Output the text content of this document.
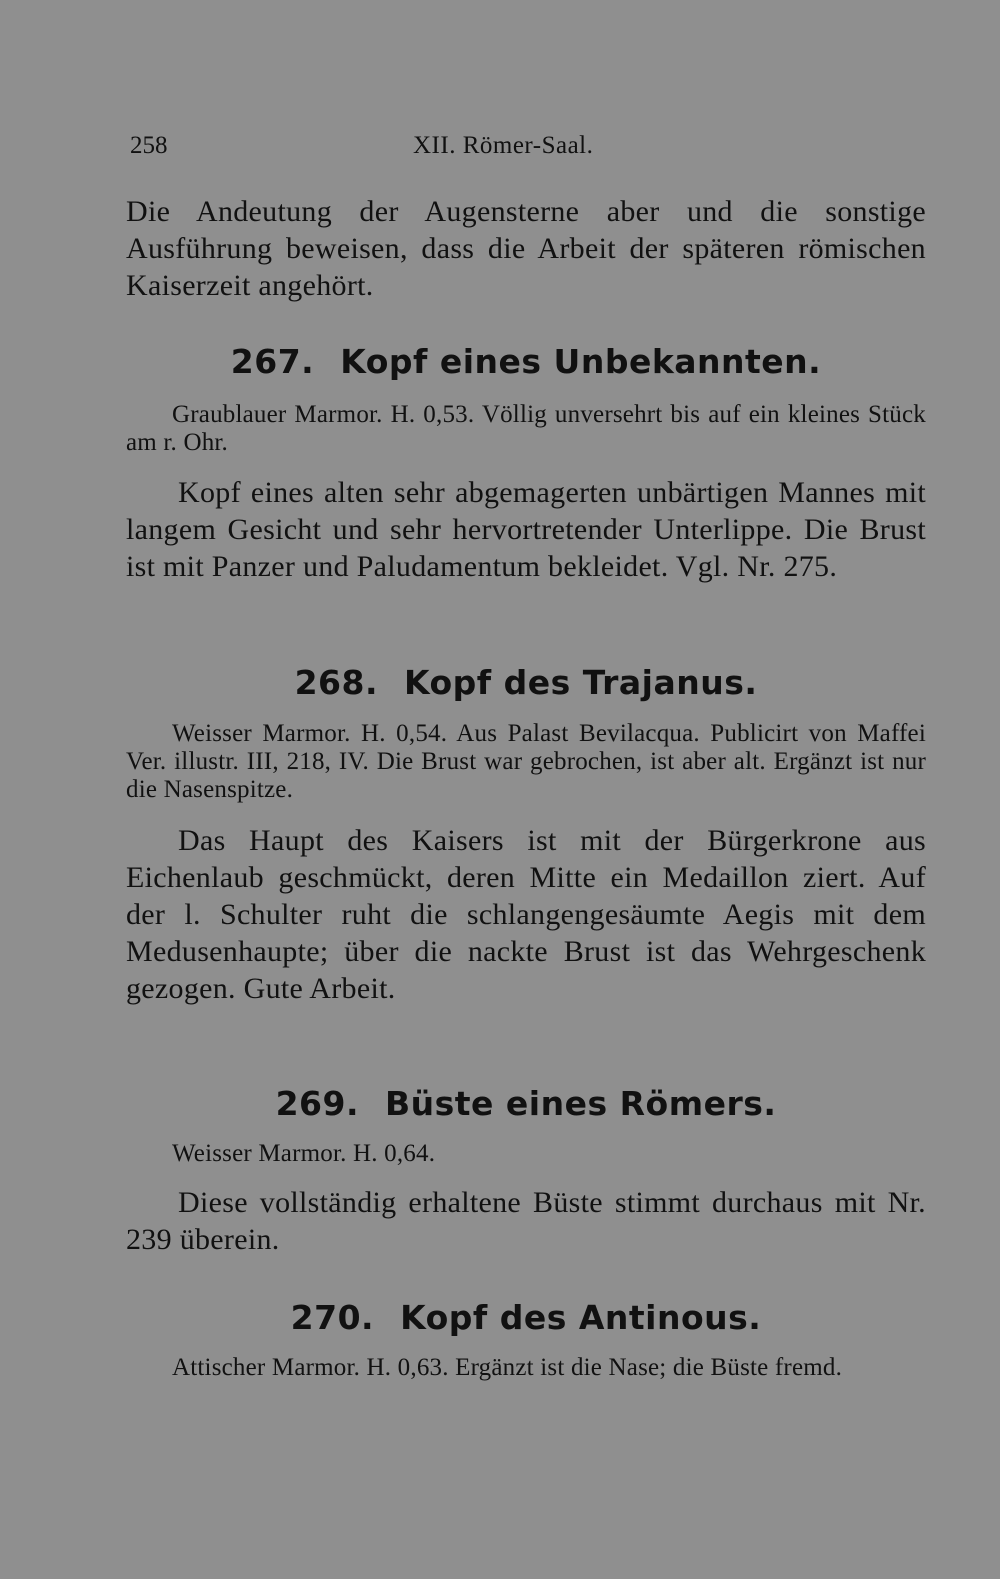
258	XII. Römer-Saal.

Die Andeutung der Augensterne aber und die sonstige Ausführung beweisen, dass die Arbeit der späteren römischen Kaiserzeit angehört.

267. Kopf eines Unbekannten.

Graublauer Marmor. H. 0,53. Völlig unversehrt bis auf ein kleines Stück am r. Ohr.

Kopf eines alten sehr abgemagerten unbärtigen Mannes mit langem Gesicht und sehr hervortretender Unterlippe. Die Brust ist mit Panzer und Paludamentum bekleidet. Vgl. Nr. 275.

268. Kopf des Trajanus.

Weisser Marmor. H. 0,54. Aus Palast Bevilacqua. Publicirt von Maffei Ver. illustr. III, 218, IV. Die Brust war gebrochen, ist aber alt. Ergänzt ist nur die Nasenspitze.

Das Haupt des Kaisers ist mit der Bürgerkrone aus Eichenlaub geschmückt, deren Mitte ein Medaillon ziert. Auf der l. Schulter ruht die schlangengesäumte Aegis mit dem Medusenhaupte; über die nackte Brust ist das Wehrgeschenk gezogen. Gute Arbeit.

269. Büste eines Römers.

Weisser Marmor. H. 0,64.

Diese vollständig erhaltene Büste stimmt durchaus mit Nr. 239 überein.

270. Kopf des Antinous.

Attischer Marmor. H. 0,63. Ergänzt ist die Nase; die Büste fremd.
